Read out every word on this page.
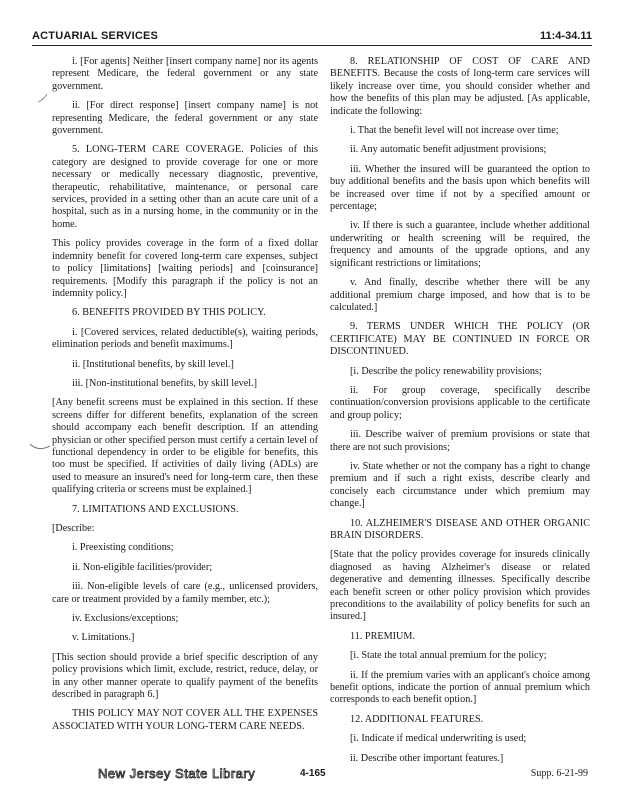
ACTUARIAL SERVICES	11:4-34.11

i. [For agents] Neither [insert company name] nor its agents represent Medicare, the federal government or any state government.

ii. [For direct response] [insert company name] is not representing Medicare, the federal government or any state government.

5. LONG-TERM CARE COVERAGE. Policies of this category are designed to provide coverage for one or more necessary or medically necessary diagnostic, preventive, therapeutic, rehabilitative, maintenance, or personal care services, provided in a setting other than an acute care unit of a hospital, such as in a nursing home, in the community or in the home.

This policy provides coverage in the form of a fixed dollar indemnity benefit for covered long-term care expenses, subject to policy [limitations] [waiting periods] and [coinsurance] requirements. [Modify this paragraph if the policy is not an indemnity policy.]

6. BENEFITS PROVIDED BY THIS POLICY.

i. [Covered services, related deductible(s), waiting periods, elimination periods and benefit maximums.]

ii. [Institutional benefits, by skill level.]

iii. [Non-institutional benefits, by skill level.]

[Any benefit screens must be explained in this section. If these screens differ for different benefits, explanation of the screen should accompany each benefit description. If an attending physician or other specified person must certify a certain level of functional dependency in order to be eligible for benefits, this too must be specified. If activities of daily living (ADLs) are used to measure an insured's need for long-term care, then these qualifying criteria or screens must be explained.]

7. LIMITATIONS AND EXCLUSIONS.

[Describe:

i. Preexisting conditions;

ii. Non-eligible facilities/provider;

iii. Non-eligible levels of care (e.g., unlicensed providers, care or treatment provided by a family member, etc.);

iv. Exclusions/exceptions;

v. Limitations.]

[This section should provide a brief specific description of any policy provisions which limit, exclude, restrict, reduce, delay, or in any other manner operate to qualify payment of the benefits described in paragraph 6.]

THIS POLICY MAY NOT COVER ALL THE EXPENSES ASSOCIATED WITH YOUR LONG-TERM CARE NEEDS.

8. RELATIONSHIP OF COST OF CARE AND BENEFITS. Because the costs of long-term care services will likely increase over time, you should consider whether and how the benefits of this plan may be adjusted. [As applicable, indicate the following:

i. That the benefit level will not increase over time;

ii. Any automatic benefit adjustment provisions;

iii. Whether the insured will be guaranteed the option to buy additional benefits and the basis upon which benefits will be increased over time if not by a specified amount or percentage;

iv. If there is such a guarantee, include whether additional underwriting or health screening will be required, the frequency and amounts of the upgrade options, and any significant restrictions or limitations;

v. And finally, describe whether there will be any additional premium charge imposed, and how that is to be calculated.]

9. TERMS UNDER WHICH THE POLICY (OR CERTIFICATE) MAY BE CONTINUED IN FORCE OR DISCONTINUED.

[i. Describe the policy renewability provisions;

ii. For group coverage, specifically describe continuation/conversion provisions applicable to the certificate and group policy;

iii. Describe waiver of premium provisions or state that there are not such provisions;

iv. State whether or not the company has a right to change premium and if such a right exists, describe clearly and concisely each circumstance under which premium may change.]

10. ALZHEIMER'S DISEASE AND OTHER ORGANIC BRAIN DISORDERS.

[State that the policy provides coverage for insureds clinically diagnosed as having Alzheimer's disease or related degenerative and dementing illnesses. Specifically describe each benefit screen or other policy provision which provides preconditions to the availability of policy benefits for such an insured.]

11. PREMIUM.

[i. State the total annual premium for the policy;

ii. If the premium varies with an applicant's choice among benefit options, indicate the portion of annual premium which corresponds to each benefit option.]

12. ADDITIONAL FEATURES.

[i. Indicate if medical underwriting is used;

ii. Describe other important features.]

New Jersey State Library	4-165	Supp. 6-21-99
